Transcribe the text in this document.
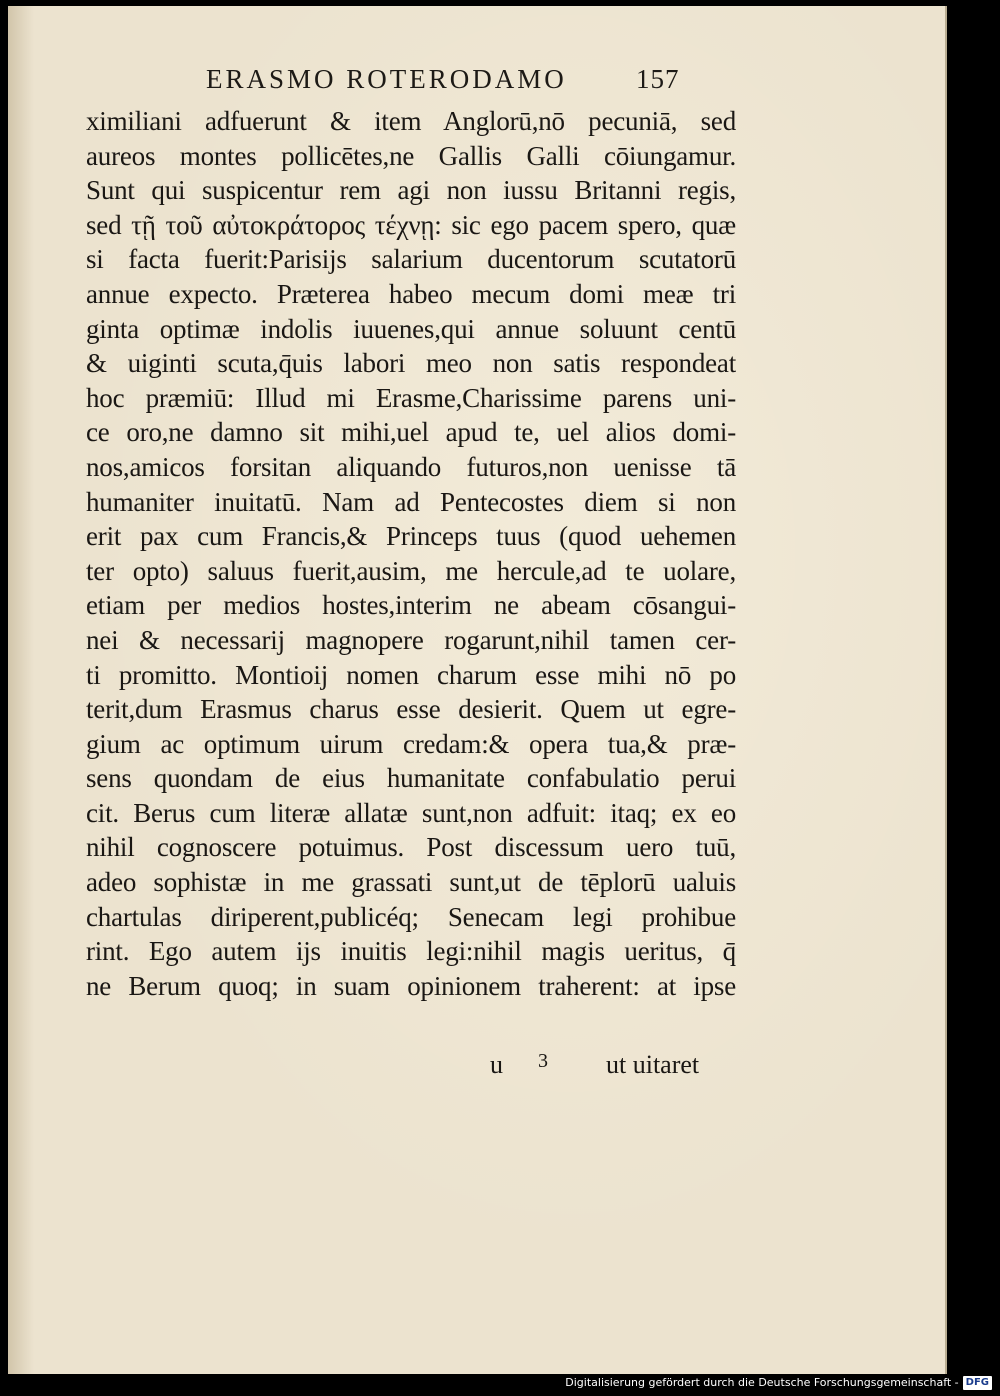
ERASMO ROTERODAMO	157
ximiliani adfuerunt & item Anglorū,nō pecuniā, sed
aureos montes pollicētes,ne Gallis Galli cōiungamur.
Sunt qui suspicentur rem agi non iussu Britanni regis,
sed τῇ τοῦ αὐτοκράτορος τέχνῃ: sic ego pacem spero, quæ
si facta fuerit:Parisijs salarium ducentorum scutatorū
annue expecto. Præterea habeo mecum domi meæ tri
ginta optimæ indolis iuuenes,qui annue soluunt centū
& uiginti scuta,q̄uis labori meo non satis respondeat
hoc præmiū: Illud mi Erasme,Charissime parens uni-
ce oro,ne damno sit mihi,uel apud te, uel alios domi-
nos,amicos forsitan aliquando futuros,non uenisse tā
humaniter inuitatū. Nam ad Pentecostes diem si non
erit pax cum Francis,& Princeps tuus (quod uehemen
ter opto) saluus fuerit,ausim, me hercule,ad te uolare,
etiam per medios hostes,interim ne abeam cōsangui-
nei & necessarij magnopere rogarunt,nihil tamen cer-
ti promitto. Montioij nomen charum esse mihi nō po
terit,dum Erasmus charus esse desierit. Quem ut egre-
gium ac optimum uirum credam:& opera tua,& præ-
sens quondam de eius humanitate confabulatio perui
cit. Berus cum literæ allatæ sunt,non adfuit: itaq; ex eo
nihil cognoscere potuimus. Post discessum uero tuū,
adeo sophistæ in me grassati sunt,ut de tēplorū ualuis
chartulas diriperent,publicéq; Senecam legi prohibue
rint. Ego autem ijs inuitis legi:nihil magis ueritus, q̄
ne Berum quoq; in suam opinionem traherent: at ipse
u 3 ut uitaret
Digitalisierung gefördert durch die Deutsche Forschungsgemeinschaft - DFG
